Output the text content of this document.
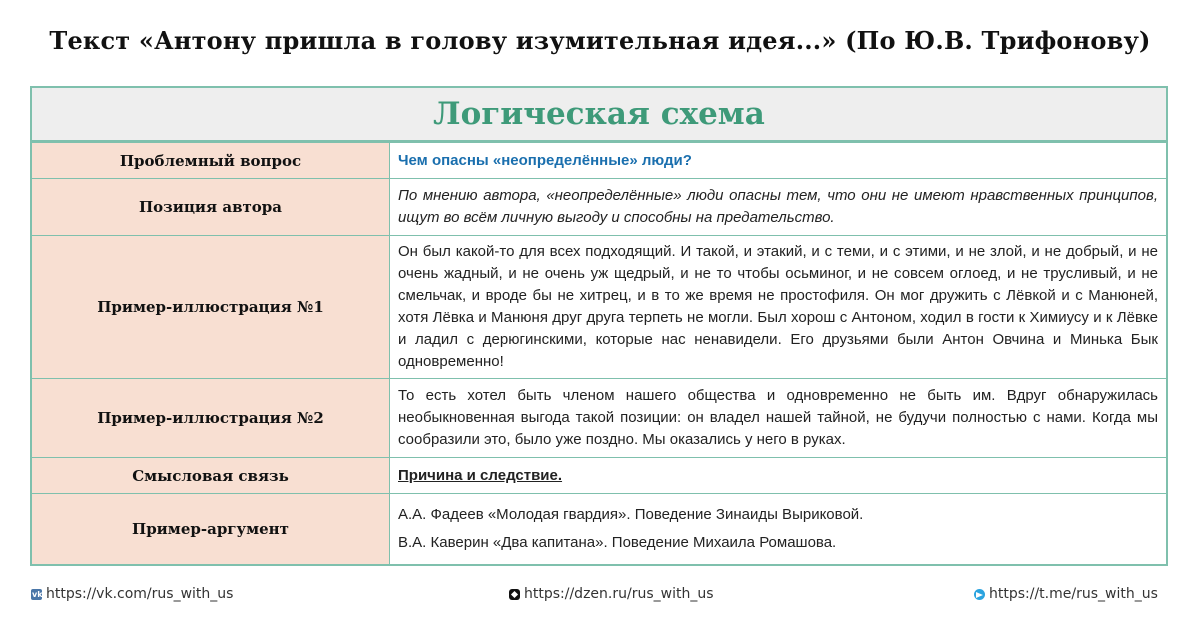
Текст «Антону пришла в голову изумительная идея...» (По Ю.В. Трифонову)
Логическая схема
Проблемный вопрос	Чем опасны «неопределённые» люди?
Позиция автора	По мнению автора, «неопределённые» люди опасны тем, что они не имеют нравственных принципов, ищут во всём личную выгоду и способны на предательство.
Пример-иллюстрация №1	Он был какой-то для всех подходящий. И такой, и этакий, и с теми, и с этими, и не злой, и не добрый, и не очень жадный, и не очень уж щедрый, и не то чтобы осьминог, и не совсем оглоед, и не трусливый, и не смельчак, и вроде бы не хитрец, и в то же время не простофиля. Он мог дружить с Лёвкой и с Манюней, хотя Лёвка и Манюня друг друга терпеть не могли. Был хорош с Антоном, ходил в гости к Химиусу и к Лёвке и ладил с дерюгинскими, которые нас ненавидели. Его друзьями были Антон Овчина и Минька Бык одновременно!
Пример-иллюстрация №2	То есть хотел быть членом нашего общества и одновременно не быть им. Вдруг обнаружилась необыкновенная выгода такой позиции: он владел нашей тайной, не будучи полностью с нами. Когда мы сообразили это, было уже поздно. Мы оказались у него в руках.
Смысловая связь	Причина и следствие.
Пример-аргумент	А.А. Фадеев «Молодая гвардия». Поведение Зинаиды Выриковой.
В.А. Каверин «Два капитана». Поведение Михаила Ромашова.
vk https://vk.com/rus_with_us	https://dzen.ru/rus_with_us	https://t.me/rus_with_us
